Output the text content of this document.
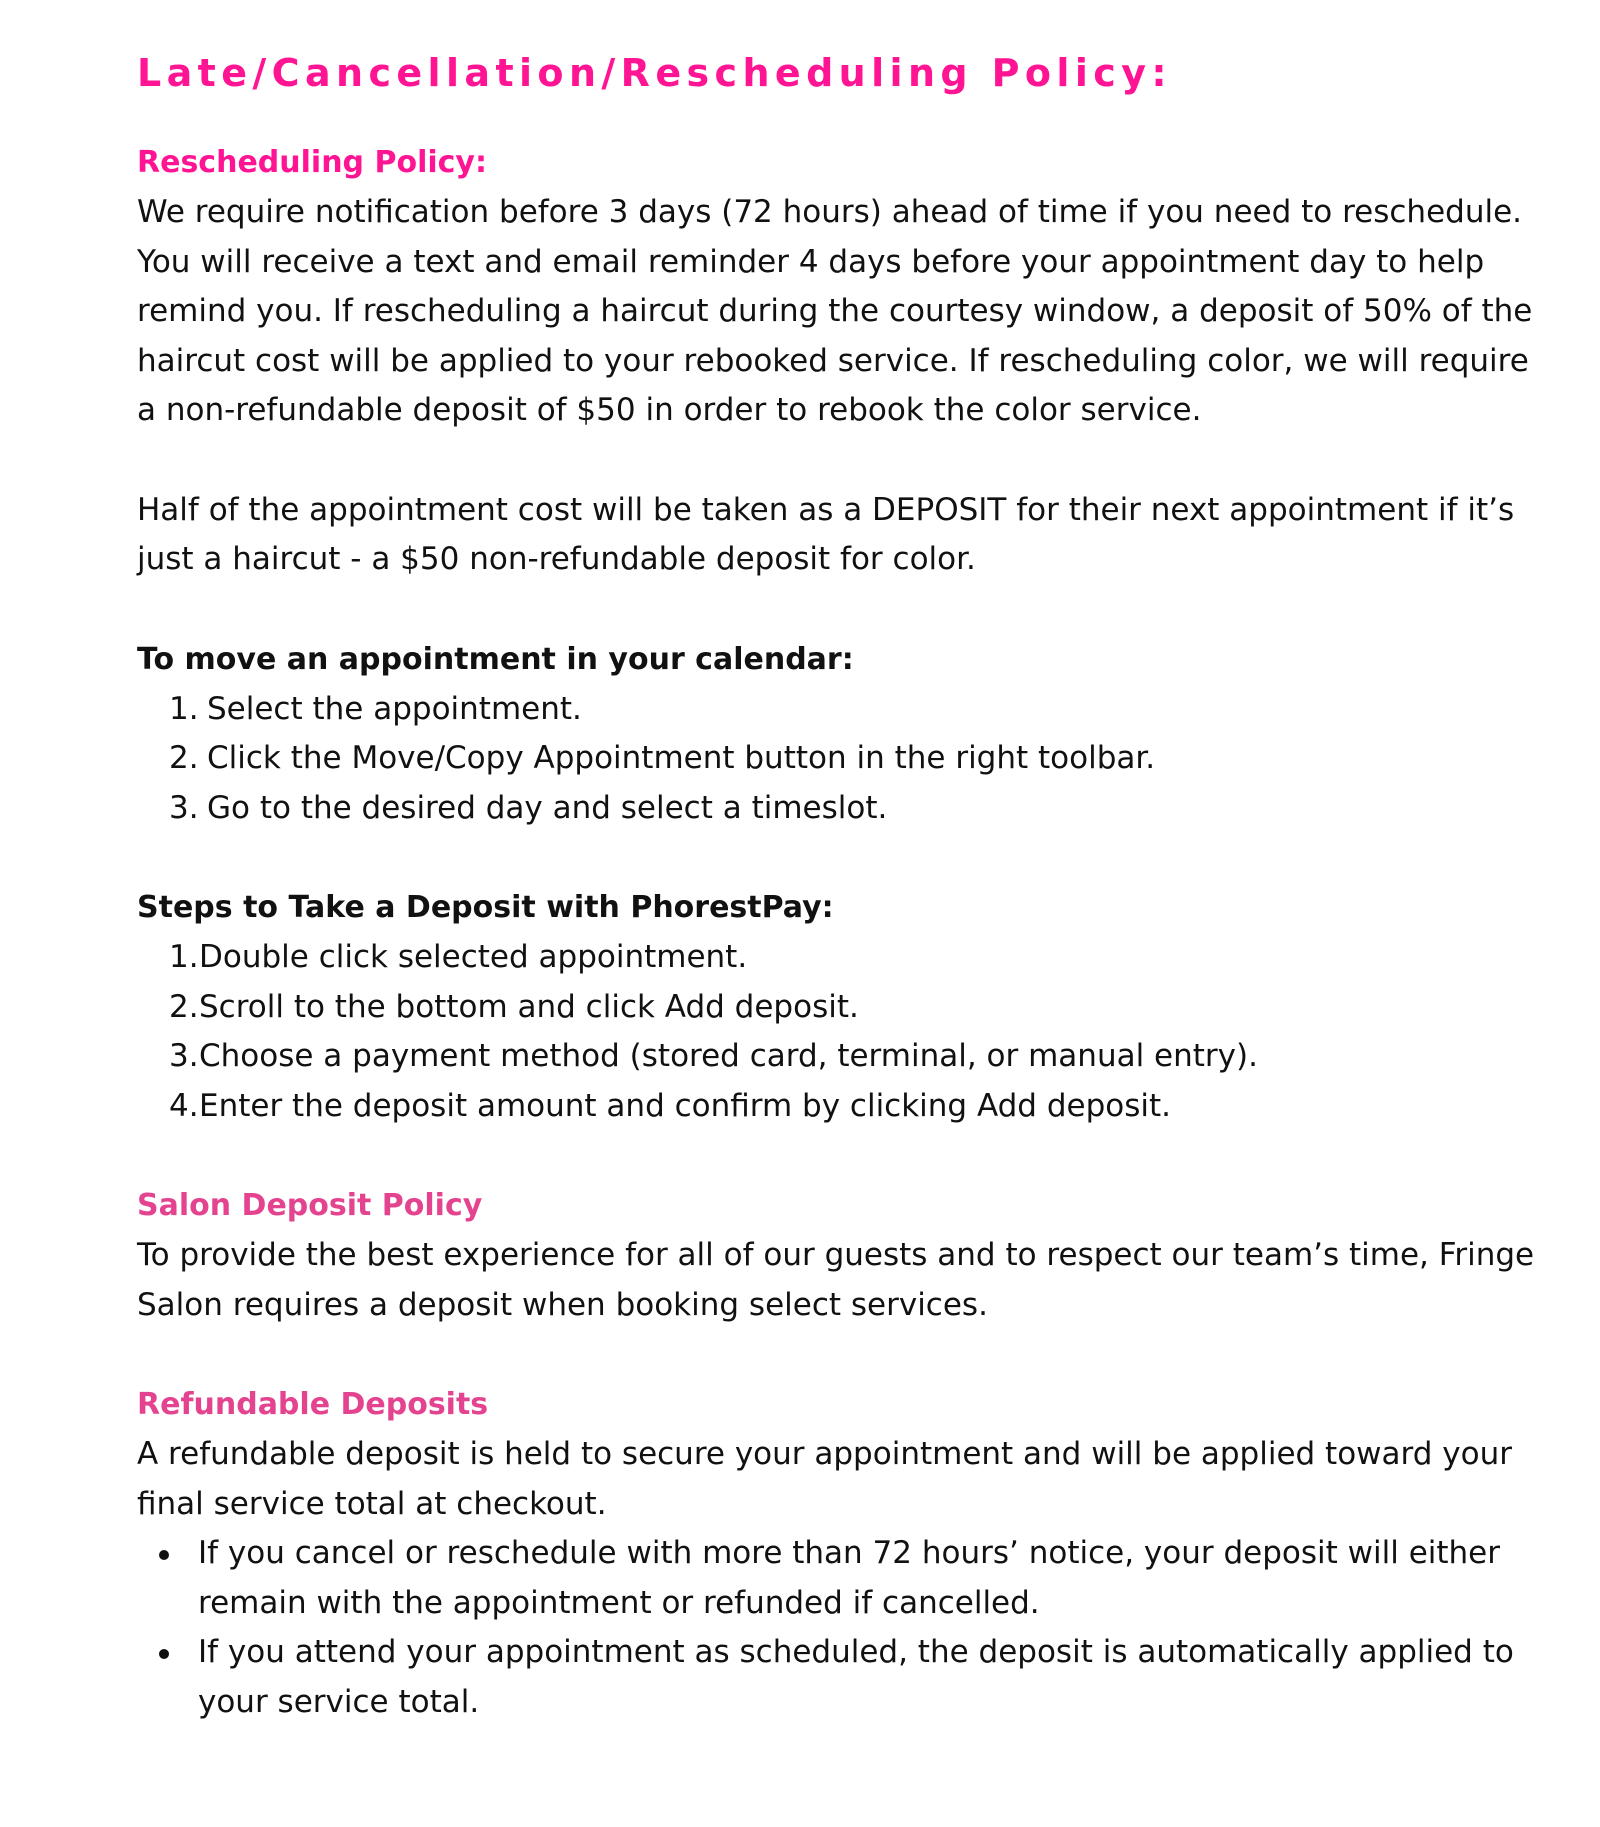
Late/Cancellation/Rescheduling Policy:
Rescheduling Policy:

We require notification before 3 days (72 hours) ahead of time if you need to reschedule. You will receive a text and email reminder 4 days before your appointment day to help remind you. If rescheduling a haircut during the courtesy window, a deposit of 50% of the haircut cost will be applied to your rebooked service. If rescheduling color, we will require a non-refundable deposit of $50 in order to rebook the color service.

Half of the appointment cost will be taken as a DEPOSIT for their next appointment if it’s just a haircut - a $50 non-refundable deposit for color.

To move an appointment in your calendar:
1. Select the appointment.
2. Click the Move/Copy Appointment button in the right toolbar.
3. Go to the desired day and select a timeslot.
Steps to Take a Deposit with PhorestPay:
1. Double click selected appointment.
2. Scroll to the bottom and click Add deposit.
3. Choose a payment method (stored card, terminal, or manual entry).
4. Enter the deposit amount and confirm by clicking Add deposit.
Salon Deposit Policy

To provide the best experience for all of our guests and to respect our team’s time, Fringe Salon requires a deposit when booking select services.

Refundable Deposits

A refundable deposit is held to secure your appointment and will be applied toward your final service total at checkout.

If you cancel or reschedule with more than 72 hours’ notice, your deposit will either remain with the appointment or refunded if cancelled.
If you attend your appointment as scheduled, the deposit is automatically applied to your service total.
